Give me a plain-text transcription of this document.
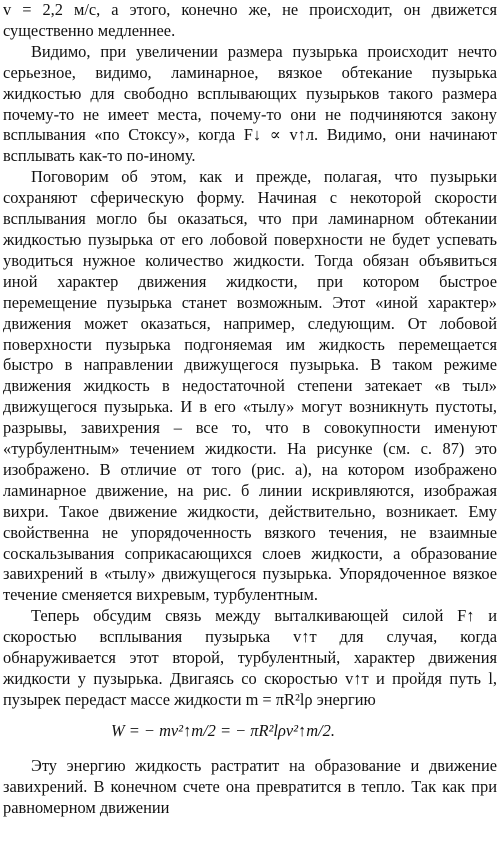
v = 2,2 м/с, а этого, конечно же, не происходит, он движется существенно медленнее.

Видимо, при увеличении размера пузырька происходит нечто серьезное, видимо, ламинарное, вязкое обтекание пузырька жидкостью для свободно всплывающих пузырьков такого размера почему-то не имеет места, почему-то они не подчиняются закону всплывания «по Стоксу», когда F↓ ∝ v↑л. Видимо, они начинают всплывать как-то по-иному.

Поговорим об этом, как и прежде, полагая, что пузырьки сохраняют сферическую форму. Начиная с некоторой скорости всплывания могло бы оказаться, что при ламинарном обтекании жидкостью пузырька от его лобовой поверхности не будет успевать уводиться нужное количество жидкости. Тогда обязан объявиться иной характер движения жидкости, при котором быстрое перемещение пузырька станет возможным. Этот «иной характер» движения может оказаться, например, следующим. От лобовой поверхности пузырька подгоняемая им жидкость перемещается быстро в направлении движущегося пузырька. В таком режиме движения жидкость в недостаточной степени затекает «в тыл» движущегося пузырька. И в его «тылу» могут возникнуть пустоты, разрывы, завихрения – все то, что в совокупности именуют «турбулентным» течением жидкости. На рисунке (см. с. 87) это изображено. В отличие от того (рис. а), на котором изображено ламинарное движение, на рис. б линии искривляются, изображая вихри. Такое движение жидкости, действительно, возникает. Ему свойственна не упорядоченность вязкого течения, не взаимные соскальзывания соприкасающихся слоев жидкости, а образование завихрений в «тылу» движущегося пузырька. Упорядоченное вязкое течение сменяется вихревым, турбулентным.

Теперь обсудим связь между выталкивающей силой F↑ и скоростью всплывания пузырька v↑т для случая, когда обнаруживается этот второй, турбулентный, характер движения жидкости у пузырька. Двигаясь со скоростью v↑т и пройдя путь l, пузырек передаст массе жидкости m = πR²lρ энергию

W = − mv²↑т/2 = − πR²lρv²↑т/2.

Эту энергию жидкость растратит на образование и движение завихрений. В конечном счете она превратится в тепло. Так как при равномерном движении
